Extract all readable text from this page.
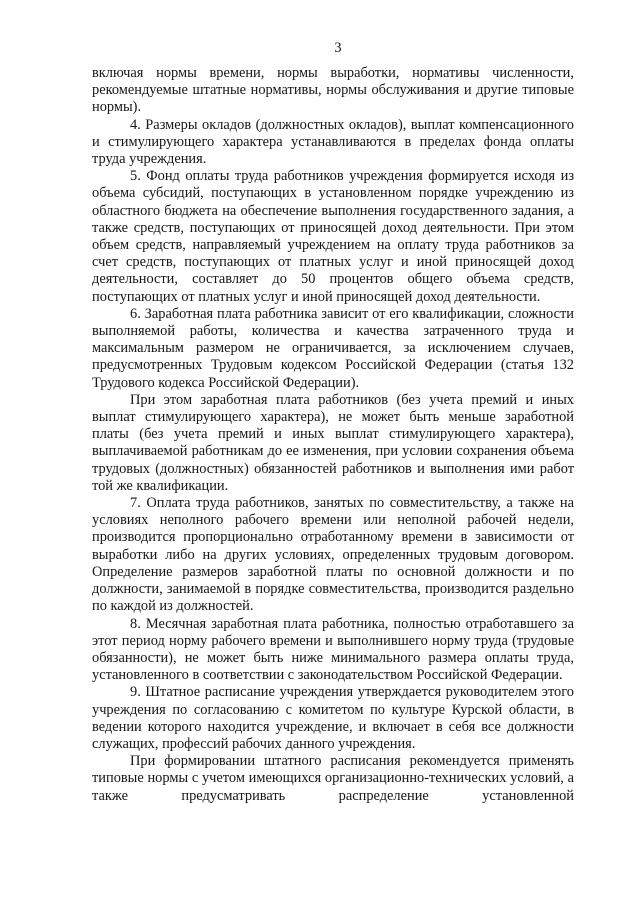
3

включая нормы времени, нормы выработки, нормативы численности, рекомендуемые штатные нормативы, нормы обслуживания и другие типовые нормы).

4. Размеры окладов (должностных окладов), выплат компенсационного и стимулирующего характера устанавливаются в пределах фонда оплаты труда учреждения.

5. Фонд оплаты труда работников учреждения формируется исходя из объема субсидий, поступающих в установленном порядке учреждению из областного бюджета на обеспечение выполнения государственного задания, а также средств, поступающих от приносящей доход деятельности. При этом объем средств, направляемый учреждением на оплату труда работников за счет средств, поступающих от платных услуг и иной приносящей доход деятельности, составляет до 50 процентов общего объема средств, поступающих от платных услуг и иной приносящей доход деятельности.

6. Заработная плата работника зависит от его квалификации, сложности выполняемой работы, количества и качества затраченного труда и максимальным размером не ограничивается, за исключением случаев, предусмотренных Трудовым кодексом Российской Федерации (статья 132 Трудового кодекса Российской Федерации).

При этом заработная плата работников (без учета премий и иных выплат стимулирующего характера), не может быть меньше заработной платы (без учета премий и иных выплат стимулирующего характера), выплачиваемой работникам до ее изменения, при условии сохранения объема трудовых (должностных) обязанностей работников и выполнения ими работ той же квалификации.

7. Оплата труда работников, занятых по совместительству, а также на условиях неполного рабочего времени или неполной рабочей недели, производится пропорционально отработанному времени в зависимости от выработки либо на других условиях, определенных трудовым договором. Определение размеров заработной платы по основной должности и по должности, занимаемой в порядке совместительства, производится раздельно по каждой из должностей.

8. Месячная заработная плата работника, полностью отработавшего за этот период норму рабочего времени и выполнившего норму труда (трудовые обязанности), не может быть ниже минимального размера оплаты труда, установленного в соответствии с законодательством Российской Федерации.

9. Штатное расписание учреждения утверждается руководителем этого учреждения по согласованию с комитетом по культуре Курской области, в ведении которого находится учреждение, и включает в себя все должности служащих, профессий рабочих данного учреждения.

При формировании штатного расписания рекомендуется применять типовые нормы с учетом имеющихся организационно-технических условий, а также предусматривать распределение установленной
